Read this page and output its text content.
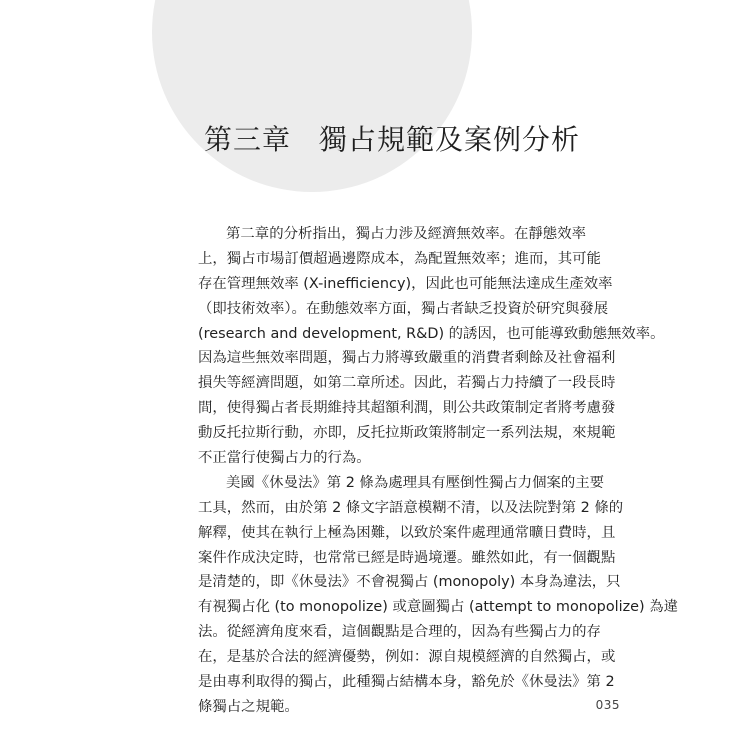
第三章 獨占規範及案例分析
第二章的分析指出，獨占力涉及經濟無效率。在靜態效率
上，獨占市場訂價超過邊際成本，為配置無效率；進而，其可能
存在管理無效率 (X-inefficiency)，因此也可能無法達成生產效率
（即技術效率）。在動態效率方面，獨占者缺乏投資於研究與發展
(research and development, R&D) 的誘因，也可能導致動態無效率。
因為這些無效率問題，獨占力將導致嚴重的消費者剩餘及社會福利
損失等經濟問題，如第二章所述。因此，若獨占力持續了一段長時
間，使得獨占者長期維持其超額利潤，則公共政策制定者將考慮發
動反托拉斯行動，亦即，反托拉斯政策將制定一系列法規，來規範
不正當行使獨占力的行為。
美國《休曼法》第 2 條為處理具有壓倒性獨占力個案的主要
工具，然而，由於第 2 條文字語意模糊不清，以及法院對第 2 條的
解釋，使其在執行上極為困難，以致於案件處理通常曠日費時，且
案件作成決定時，也常常已經是時過境遷。雖然如此，有一個觀點
是清楚的，即《休曼法》不會視獨占 (monopoly) 本身為違法，只
有視獨占化 (to monopolize) 或意圖獨占 (attempt to monopolize) 為違
法。從經濟角度來看，這個觀點是合理的，因為有些獨占力的存
在，是基於合法的經濟優勢，例如：源自規模經濟的自然獨占，或
是由專利取得的獨占，此種獨占結構本身，豁免於《休曼法》第 2
條獨占之規範。	035
